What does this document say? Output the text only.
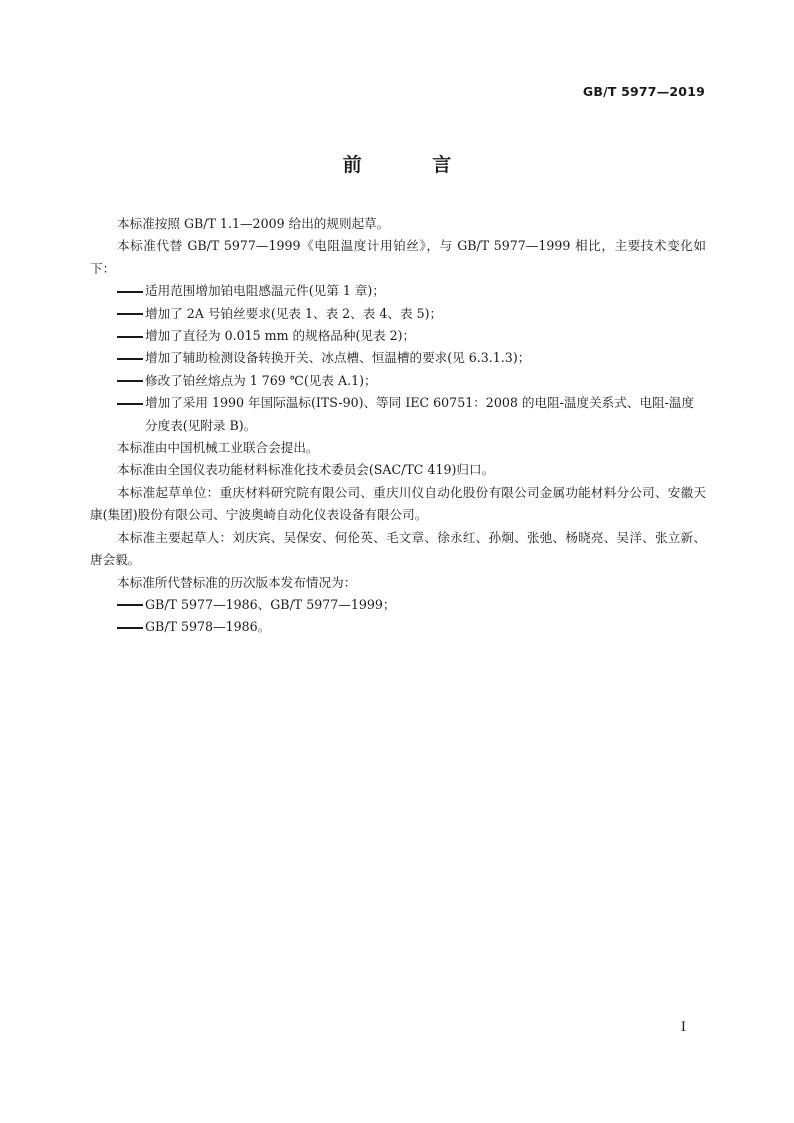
GB/T 5977—2019
前 言

本标准按照 GB/T 1.1—2009 给出的规则起草。

本标准代替 GB/T 5977—1999《电阻温度计用铂丝》，与 GB/T 5977—1999 相比，主要技术变化如下：

适用范围增加铂电阻感温元件(见第 1 章)；

增加了 2A 号铂丝要求(见表 1、表 2、表 4、表 5)；

增加了直径为 0.015 mm 的规格品种(见表 2)；

增加了辅助检测设备转换开关、冰点槽、恒温槽的要求(见 6.3.1.3)；

修改了铂丝熔点为 1 769 ℃(见表 A.1)；

增加了采用 1990 年国际温标(ITS-90)、等同 IEC 60751：2008 的电阻-温度关系式、电阻-温度分度表(见附录 B)。

本标准由中国机械工业联合会提出。

本标准由全国仪表功能材料标准化技术委员会(SAC/TC 419)归口。

本标准起草单位：重庆材料研究院有限公司、重庆川仪自动化股份有限公司金属功能材料分公司、安徽天康(集团)股份有限公司、宁波奥崎自动化仪表设备有限公司。

本标准主要起草人：刘庆宾、吴保安、何伦英、毛文章、徐永红、孙炯、张弛、杨晓亮、吴洋、张立新、唐会毅。

本标准所代替标准的历次版本发布情况为：

GB/T 5977—1986、GB/T 5977—1999；

GB/T 5978—1986。

I
